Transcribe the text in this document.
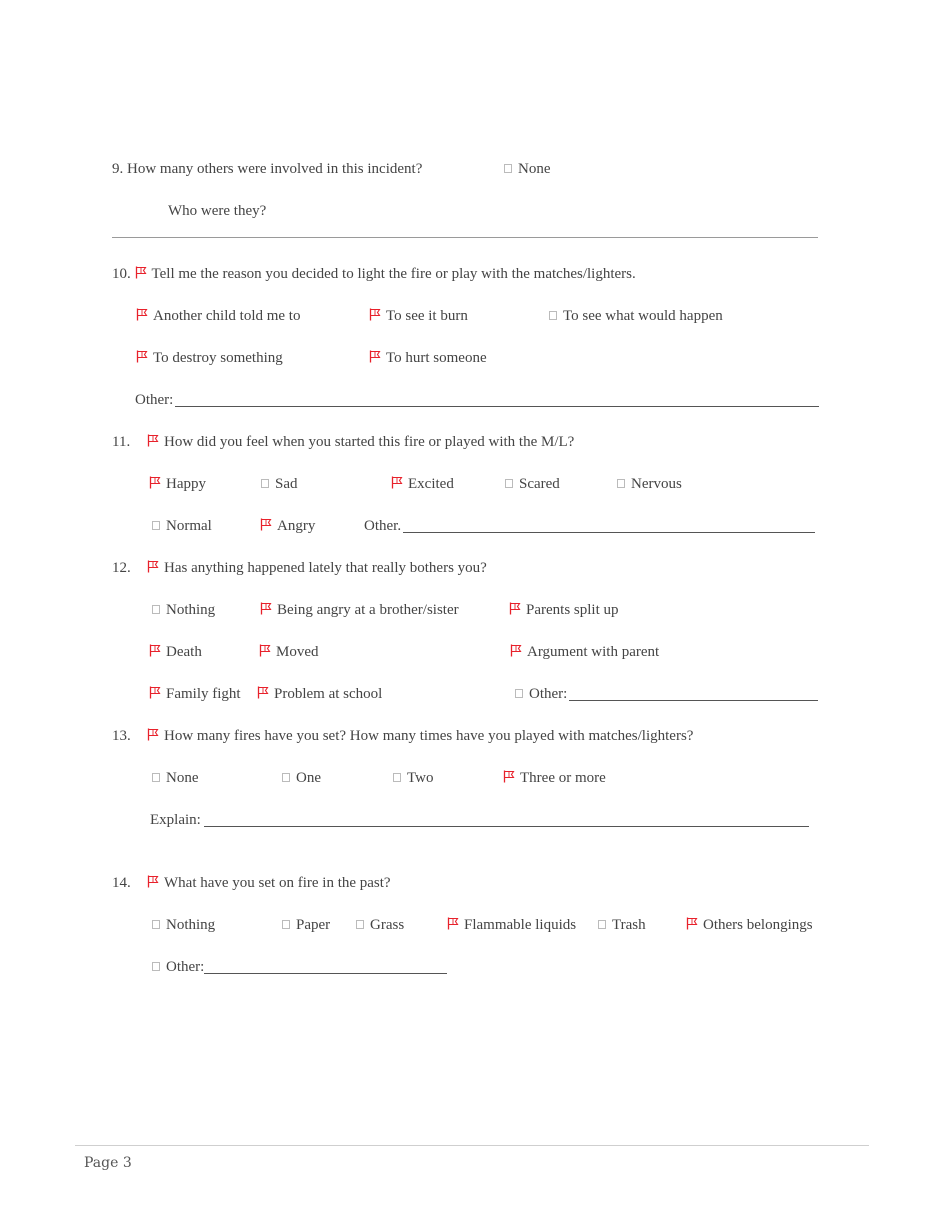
9. How many others were involved in this incident?	None
Who were they?
10. Tell me the reason you decided to light the fire or play with the matches/lighters.
Another child told me to	To see it burn	To see what would happen
To destroy something	To hurt someone
Other:
11.	How did you feel when you started this fire or played with the M/L?
Happy	Sad	Excited	Scared	Nervous
Normal	Angry	Other.
12.	Has anything happened lately that really bothers you?
Nothing	Being angry at a brother/sister	Parents split up
Death	Moved	Argument with parent
Family fight	Problem at school	Other:
13.	How many fires have you set? How many times have you played with matches/lighters?
None	One	Two	Three or more
Explain:
14.	What have you set on fire in the past?
Nothing	Paper	Grass	Flammable liquids	Trash	Others belongings
Other:
Page 3
